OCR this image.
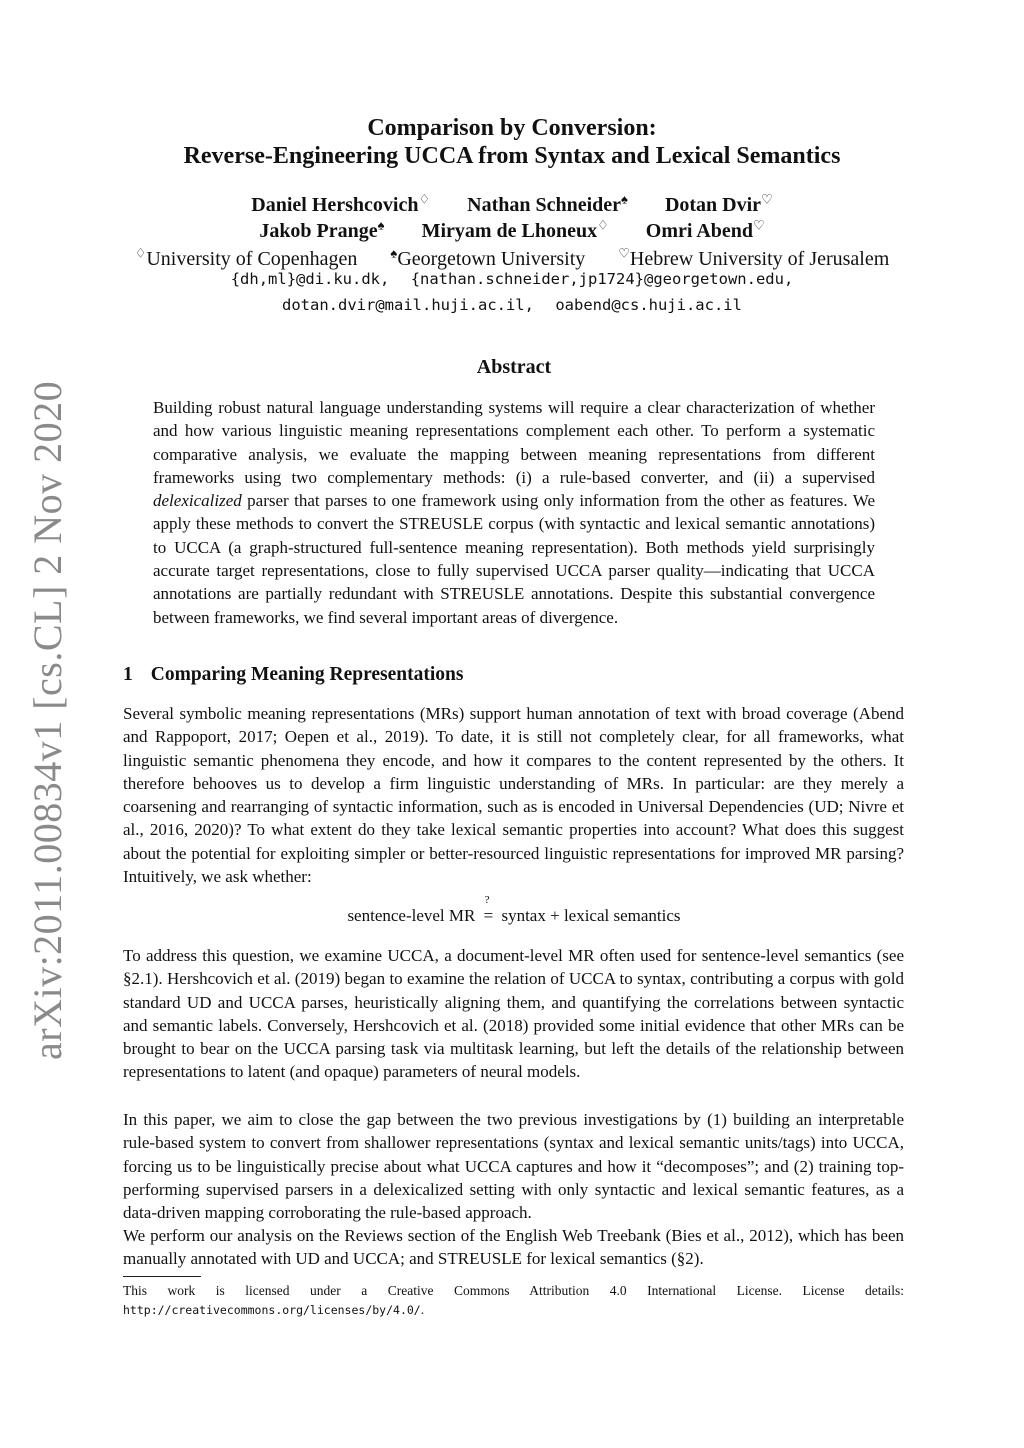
arXiv:2011.00834v1 [cs.CL] 2 Nov 2020
Comparison by Conversion:
Reverse-Engineering UCCA from Syntax and Lexical Semantics
Daniel Hershcovich♢ Nathan Schneider♠ Dotan Dvir♡
Jakob Prange♠ Miryam de Lhoneux♢ Omri Abend♡
♢University of Copenhagen	♠Georgetown University	♡Hebrew University of Jerusalem
{dh,ml}@di.ku.dk, {nathan.schneider,jp1724}@georgetown.edu,
dotan.dvir@mail.huji.ac.il, oabend@cs.huji.ac.il
Abstract
Building robust natural language understanding systems will require a clear characterization of whether and how various linguistic meaning representations complement each other. To perform a systematic comparative analysis, we evaluate the mapping between meaning representations from different frameworks using two complementary methods: (i) a rule-based converter, and (ii) a supervised delexicalized parser that parses to one framework using only information from the other as features. We apply these methods to convert the STREUSLE corpus (with syntactic and lexical semantic annotations) to UCCA (a graph-structured full-sentence meaning representation). Both methods yield surprisingly accurate target representations, close to fully supervised UCCA parser quality—indicating that UCCA annotations are partially redundant with STREUSLE annotations. Despite this substantial convergence between frameworks, we find several important areas of divergence.
1 Comparing Meaning Representations
Several symbolic meaning representations (MRs) support human annotation of text with broad coverage (Abend and Rappoport, 2017; Oepen et al., 2019). To date, it is still not completely clear, for all frameworks, what linguistic semantic phenomena they encode, and how it compares to the content represented by the others. It therefore behooves us to develop a firm linguistic understanding of MRs. In particular: are they merely a coarsening and rearranging of syntactic information, such as is encoded in Universal Dependencies (UD; Nivre et al., 2016, 2020)? To what extent do they take lexical semantic properties into account? What does this suggest about the potential for exploiting simpler or better-resourced linguistic representations for improved MR parsing? Intuitively, we ask whether:
sentence-level MR
?
= syntax + lexical semantics
To address this question, we examine UCCA, a document-level MR often used for sentence-level semantics (see §2.1). Hershcovich et al. (2019) began to examine the relation of UCCA to syntax, contributing a corpus with gold standard UD and UCCA parses, heuristically aligning them, and quantifying the correlations between syntactic and semantic labels. Conversely, Hershcovich et al. (2018) provided some initial evidence that other MRs can be brought to bear on the UCCA parsing task via multitask learning, but left the details of the relationship between representations to latent (and opaque) parameters of neural models.
In this paper, we aim to close the gap between the two previous investigations by (1) building an interpretable rule-based system to convert from shallower representations (syntax and lexical semantic units/tags) into UCCA, forcing us to be linguistically precise about what UCCA captures and how it “decomposes”; and (2) training top-performing supervised parsers in a delexicalized setting with only syntactic and lexical semantic features, as a data-driven mapping corroborating the rule-based approach.
We perform our analysis on the Reviews section of the English Web Treebank (Bies et al., 2012), which has been manually annotated with UD and UCCA; and STREUSLE for lexical semantics (§2).
This work is licensed under a Creative Commons Attribution 4.0 International License. License details: http://creativecommons.org/licenses/by/4.0/.
